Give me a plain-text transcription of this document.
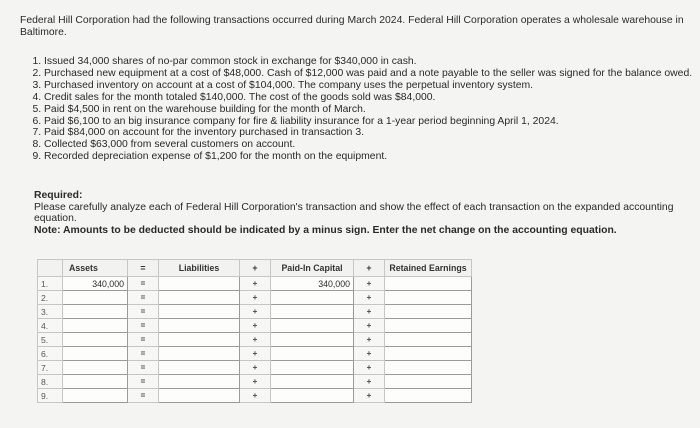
Federal Hill Corporation had the following transactions occurred during March 2024. Federal Hill Corporation operates a wholesale warehouse in Baltimore.
1. Issued 34,000 shares of no-par common stock in exchange for $340,000 in cash.
2. Purchased new equipment at a cost of $48,000. Cash of $12,000 was paid and a note payable to the seller was signed for the balance owed.
3. Purchased inventory on account at a cost of $104,000. The company uses the perpetual inventory system.
4. Credit sales for the month totaled $140,000. The cost of the goods sold was $84,000.
5. Paid $4,500 in rent on the warehouse building for the month of March.
6. Paid $6,100 to an big insurance company for fire & liability insurance for a 1-year period beginning April 1, 2024.
7. Paid $84,000 on account for the inventory purchased in transaction 3.
8. Collected $63,000 from several customers on account.
9. Recorded depreciation expense of $1,200 for the month on the equipment.
Required:
Please carefully analyze each of Federal Hill Corporation's transaction and show the effect of each transaction on the expanded accounting equation.
Note: Amounts to be deducted should be indicated by a minus sign. Enter the net change on the accounting equation.
	Assets	=	Liabilities	+	Paid-In Capital	+	Retained Earnings
1.	340,000	=		+	340,000	+	
2.		=		+		+	
3.		=		+		+	
4.		=		+		+	
5.		=		+		+	
6.		=		+		+	
7.		=		+		+	
8.		=		+		+	
9.		=		+		+	
